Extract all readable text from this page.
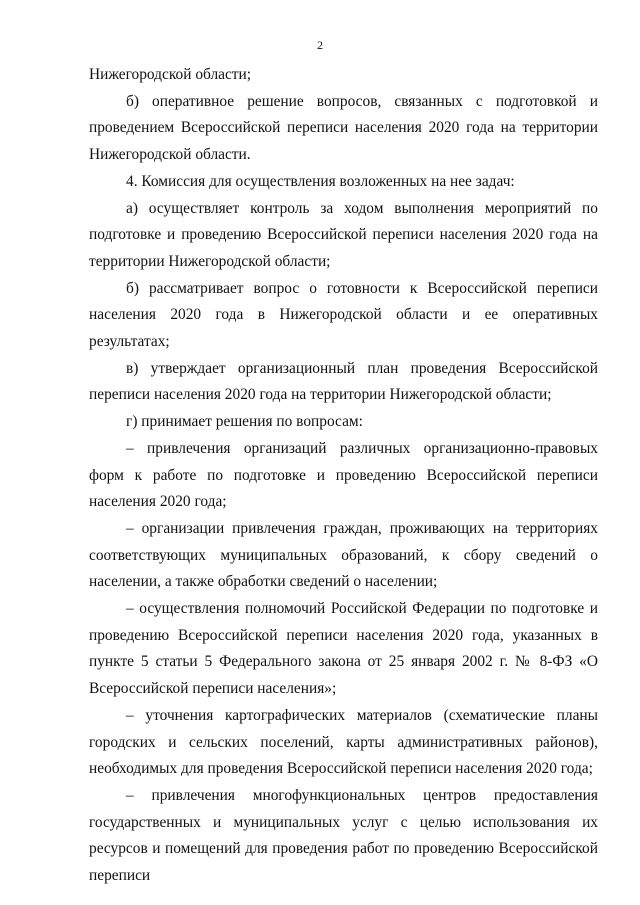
2

Нижегородской области;

б) оперативное решение вопросов, связанных с подготовкой и проведением Всероссийской переписи населения 2020 года на территории Нижегородской области.

4. Комиссия для осуществления возложенных на нее задач:

а) осуществляет контроль за ходом выполнения мероприятий по подготовке и проведению Всероссийской переписи населения 2020 года на территории Нижегородской области;

б) рассматривает вопрос о готовности к Всероссийской переписи населения 2020 года в Нижегородской области и ее оперативных результатах;

в) утверждает организационный план проведения Всероссийской переписи населения 2020 года на территории Нижегородской области;

г) принимает решения по вопросам:

– привлечения организаций различных организационно-правовых форм к работе по подготовке и проведению Всероссийской переписи населения 2020 года;

– организации привлечения граждан, проживающих на территориях соответствующих муниципальных образований, к сбору сведений о населении, а также обработки сведений о населении;

– осуществления полномочий Российской Федерации по подготовке и проведению Всероссийской переписи населения 2020 года, указанных в пункте 5 статьи 5 Федерального закона от 25 января 2002 г. № 8-ФЗ «О Всероссийской переписи населения»;

– уточнения картографических материалов (схематические планы городских и сельских поселений, карты административных районов), необходимых для проведения Всероссийской переписи населения 2020 года;

– привлечения многофункциональных центров предоставления государственных и муниципальных услуг с целью использования их ресурсов и помещений для проведения работ по проведению Всероссийской переписи
